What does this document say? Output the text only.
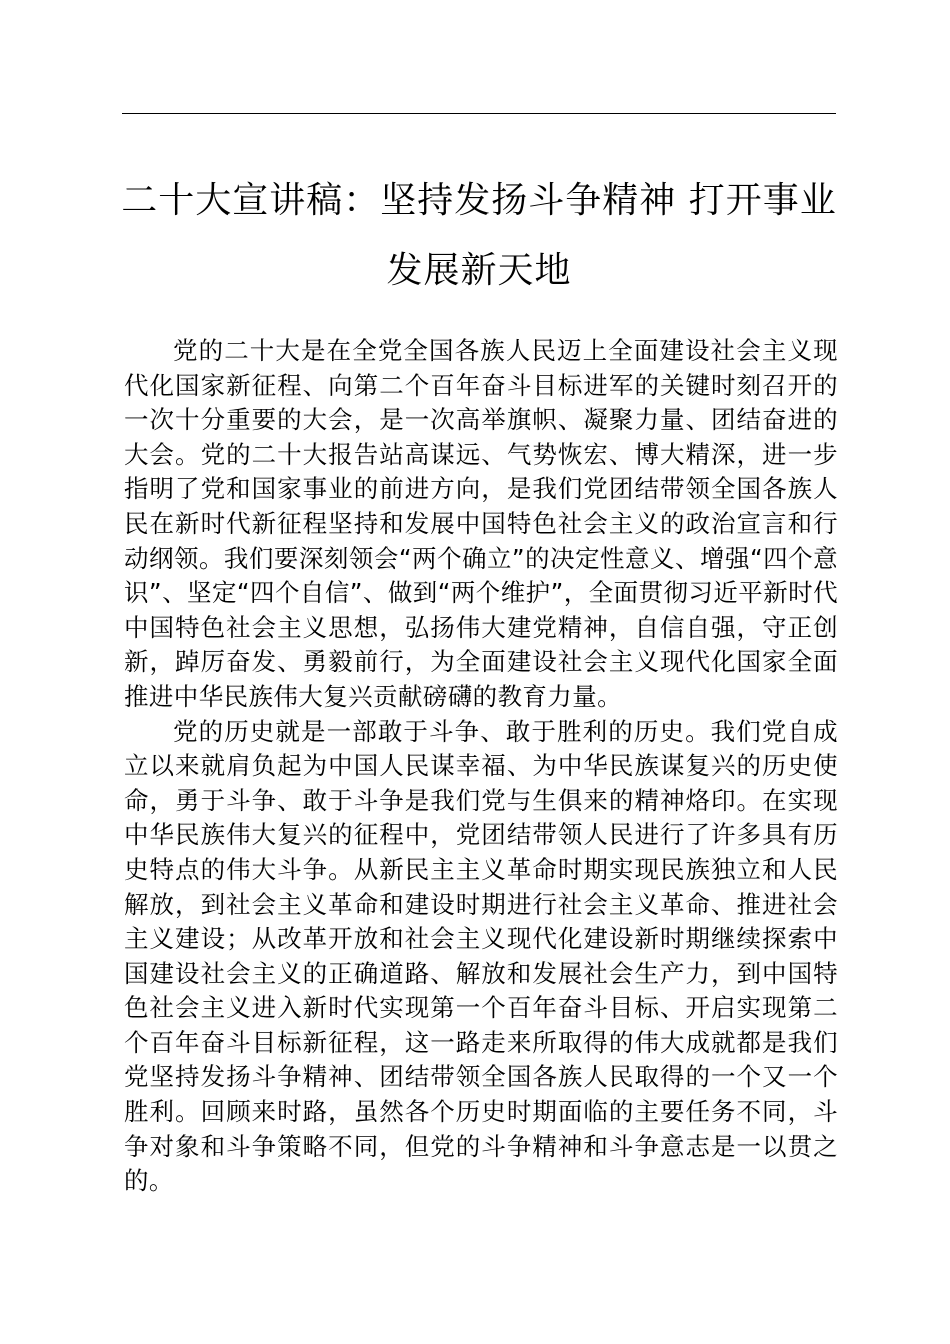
二十大宣讲稿：坚持发扬斗争精神 打开事业发展新天地

党的二十大是在全党全国各族人民迈上全面建设社会主义现代化国家新征程、向第二个百年奋斗目标进军的关键时刻召开的一次十分重要的大会，是一次高举旗帜、凝聚力量、团结奋进的大会。党的二十大报告站高谋远、气势恢宏、博大精深，进一步指明了党和国家事业的前进方向，是我们党团结带领全国各族人民在新时代新征程坚持和发展中国特色社会主义的政治宣言和行动纲领。我们要深刻领会“两个确立”的决定性意义、增强“四个意识”、坚定“四个自信”、做到“两个维护”，全面贯彻习近平新时代中国特色社会主义思想，弘扬伟大建党精神，自信自强，守正创新，踔厉奋发、勇毅前行，为全面建设社会主义现代化国家全面推进中华民族伟大复兴贡献磅礴的教育力量。

党的历史就是一部敢于斗争、敢于胜利的历史。我们党自成立以来就肩负起为中国人民谋幸福、为中华民族谋复兴的历史使命，勇于斗争、敢于斗争是我们党与生俱来的精神烙印。在实现中华民族伟大复兴的征程中，党团结带领人民进行了许多具有历史特点的伟大斗争。从新民主主义革命时期实现民族独立和人民解放，到社会主义革命和建设时期进行社会主义革命、推进社会主义建设；从改革开放和社会主义现代化建设新时期继续探索中国建设社会主义的正确道路、解放和发展社会生产力，到中国特色社会主义进入新时代实现第一个百年奋斗目标、开启实现第二个百年奋斗目标新征程，这一路走来所取得的伟大成就都是我们党坚持发扬斗争精神、团结带领全国各族人民取得的一个又一个胜利。回顾来时路，虽然各个历史时期面临的主要任务不同，斗争对象和斗争策略不同，但党的斗争精神和斗争意志是一以贯之的。
